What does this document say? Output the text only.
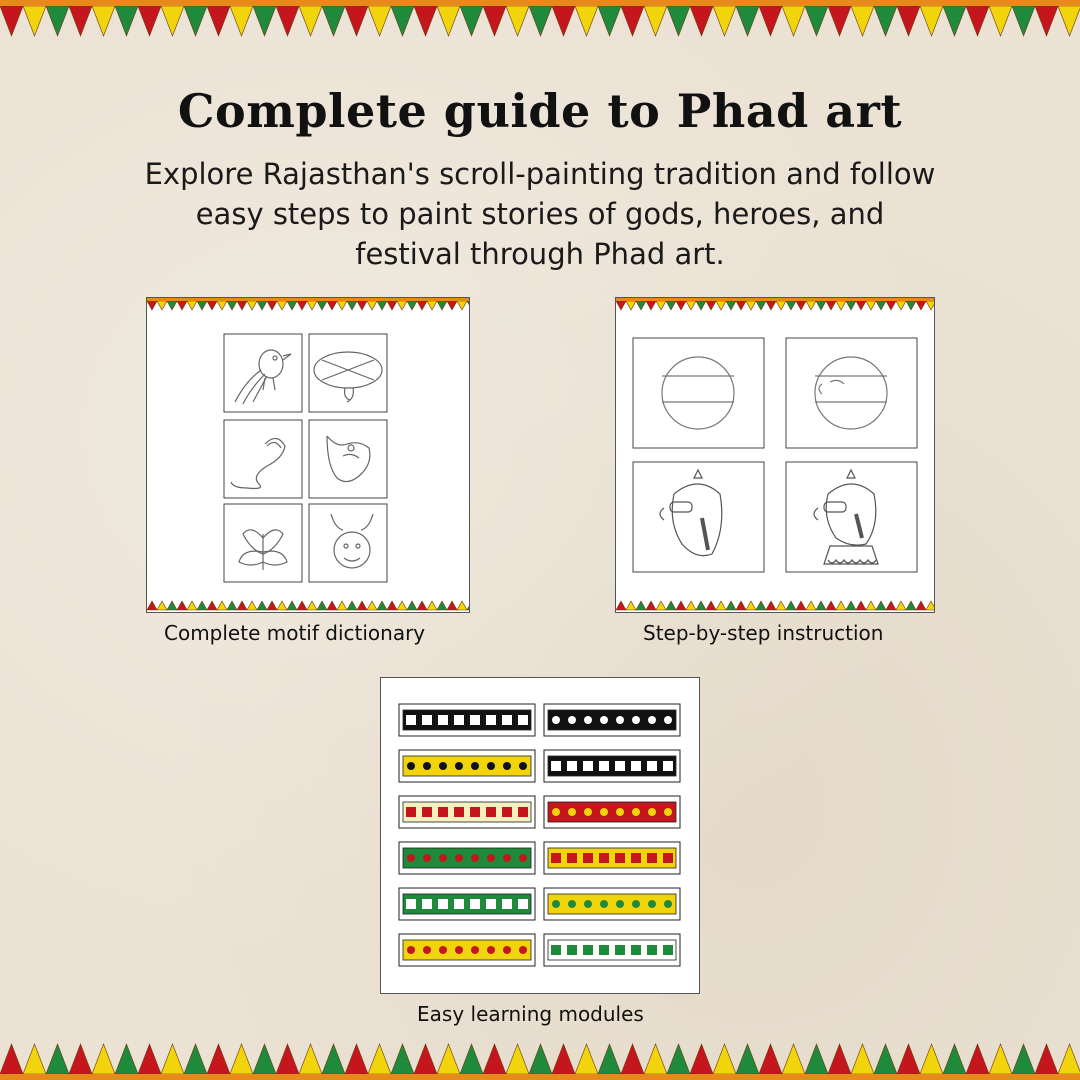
Complete guide to Phad art
Explore Rajasthan's scroll-painting tradition and follow easy steps to paint stories of gods, heroes, and festival through Phad art.
Complete motif dictionary	Step-by-step instruction
Easy learning modules
